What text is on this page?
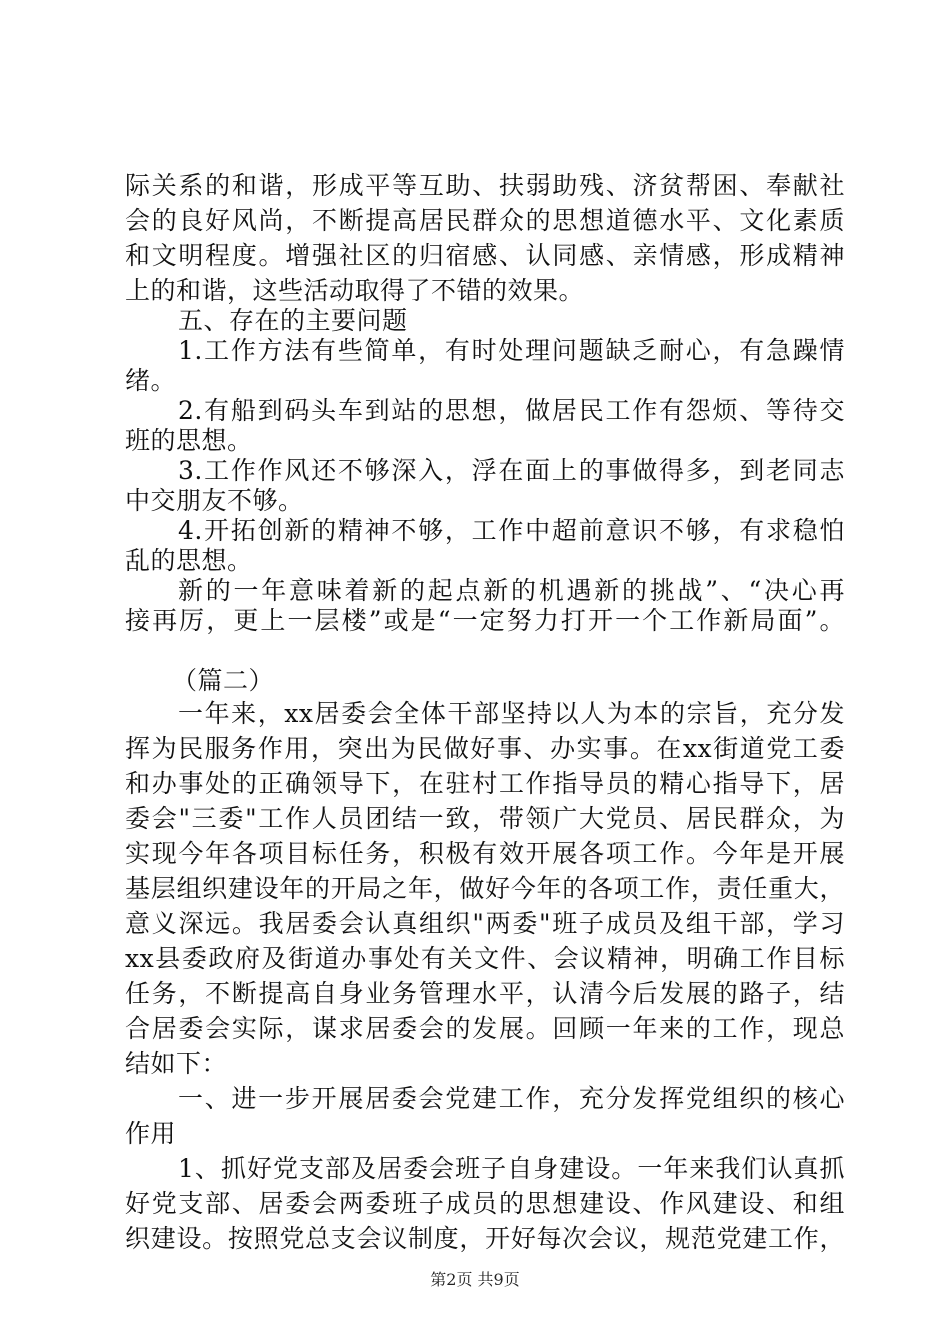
际关系的和谐，形成平等互助、扶弱助残、济贫帮困、奉献社
会的良好风尚，不断提高居民群众的思想道德水平、文化素质
和文明程度。增强社区的归宿感、认同感、亲情感，形成精神
上的和谐，这些活动取得了不错的效果。
五、存在的主要问题
1.工作方法有些简单，有时处理问题缺乏耐心，有急躁情
绪。
2.有船到码头车到站的思想，做居民工作有怨烦、等待交
班的思想。
3.工作作风还不够深入，浮在面上的事做得多，到老同志
中交朋友不够。
4.开拓创新的精神不够，工作中超前意识不够，有求稳怕
乱的思想。
新的一年意味着新的起点新的机遇新的挑战”、“决心再
接再厉，更上一层楼”或是“一定努力打开一个工作新局面”。
（篇二）
一年来，xx居委会全体干部坚持以人为本的宗旨，充分发
挥为民服务作用，突出为民做好事、办实事。在xx街道党工委
和办事处的正确领导下，在驻村工作指导员的精心指导下，居
委会"三委"工作人员团结一致，带领广大党员、居民群众，为
实现今年各项目标任务，积极有效开展各项工作。今年是开展
基层组织建设年的开局之年，做好今年的各项工作，责任重大，
意义深远。我居委会认真组织"两委"班子成员及组干部，学习
xx县委政府及街道办事处有关文件、会议精神，明确工作目标
任务，不断提高自身业务管理水平，认清今后发展的路子，结
合居委会实际，谋求居委会的发展。回顾一年来的工作，现总
结如下：
一、进一步开展居委会党建工作，充分发挥党组织的核心
作用
1、抓好党支部及居委会班子自身建设。一年来我们认真抓
好党支部、居委会两委班子成员的思想建设、作风建设、和组
织建设。按照党总支会议制度，开好每次会议，规范党建工作，
第2页 共9页
